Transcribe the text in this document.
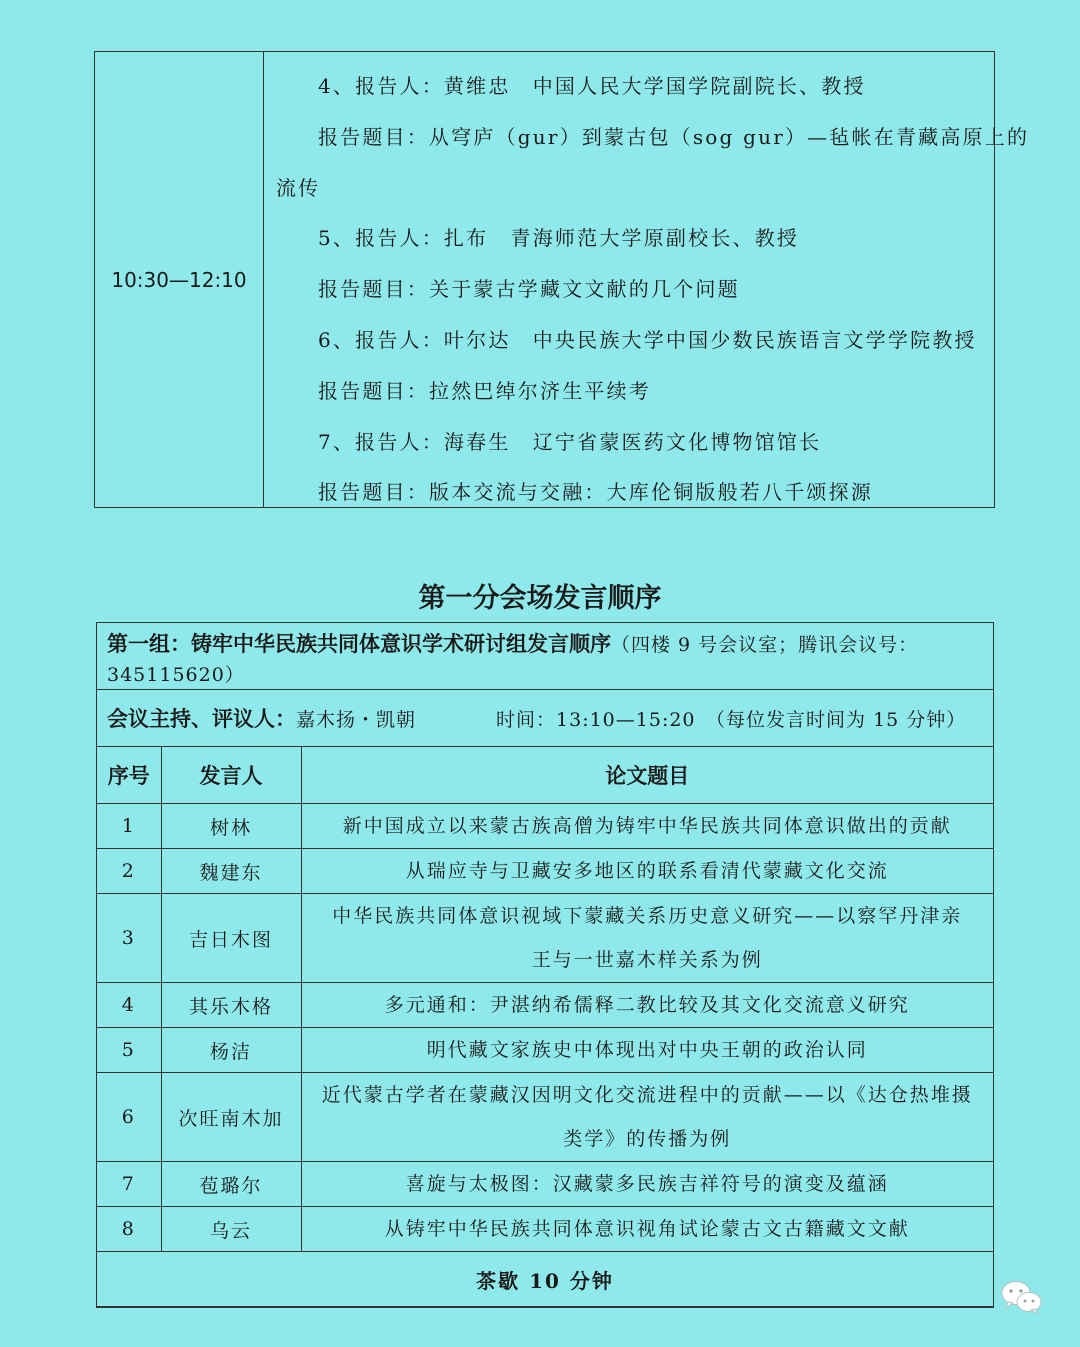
10:30—12:10
4、报告人：黄维忠　中国人民大学国学院副院长、教授
报告题目：从穹庐（gur）到蒙古包（sog gur）—毡帐在青藏高原上的
流传
5、报告人：扎布　青海师范大学原副校长、教授
报告题目：关于蒙古学藏文文献的几个问题
6、报告人：叶尔达　中央民族大学中国少数民族语言文学学院教授
报告题目：拉然巴绰尔济生平续考
7、报告人：海春生　辽宁省蒙医药文化博物馆馆长
报告题目：版本交流与交融：大库伦铜版般若八千颂探源
第一分会场发言顺序
第一组：铸牢中华民族共同体意识学术研讨组发言顺序（四楼 9 号会议室；腾讯会议号：
345115620）
会议主持、评议人： 嘉木扬・凯朝	时间：13:10—15:20　（每位发言时间为 15 分钟）
序号	发言人	论文题目
1	树林	新中国成立以来蒙古族高僧为铸牢中华民族共同体意识做出的贡献
2	魏建东	从瑞应寺与卫藏安多地区的联系看清代蒙藏文化交流
3	吉日木图	中华民族共同体意识视域下蒙藏关系历史意义研究——以察罕丹津亲
王与一世嘉木样关系为例

4	其乐木格	多元通和：尹湛纳希儒释二教比较及其文化交流意义研究
5	杨洁	明代藏文家族史中体现出对中央王朝的政治认同
6	次旺南木加	近代蒙古学者在蒙藏汉因明文化交流进程中的贡献——以《达仓热堆摄
类学》的传播为例

7	苞璐尔	喜旋与太极图：汉藏蒙多民族吉祥符号的演变及蕴涵
8	乌云	从铸牢中华民族共同体意识视角试论蒙古文古籍藏文文献
茶歇 10 分钟		
